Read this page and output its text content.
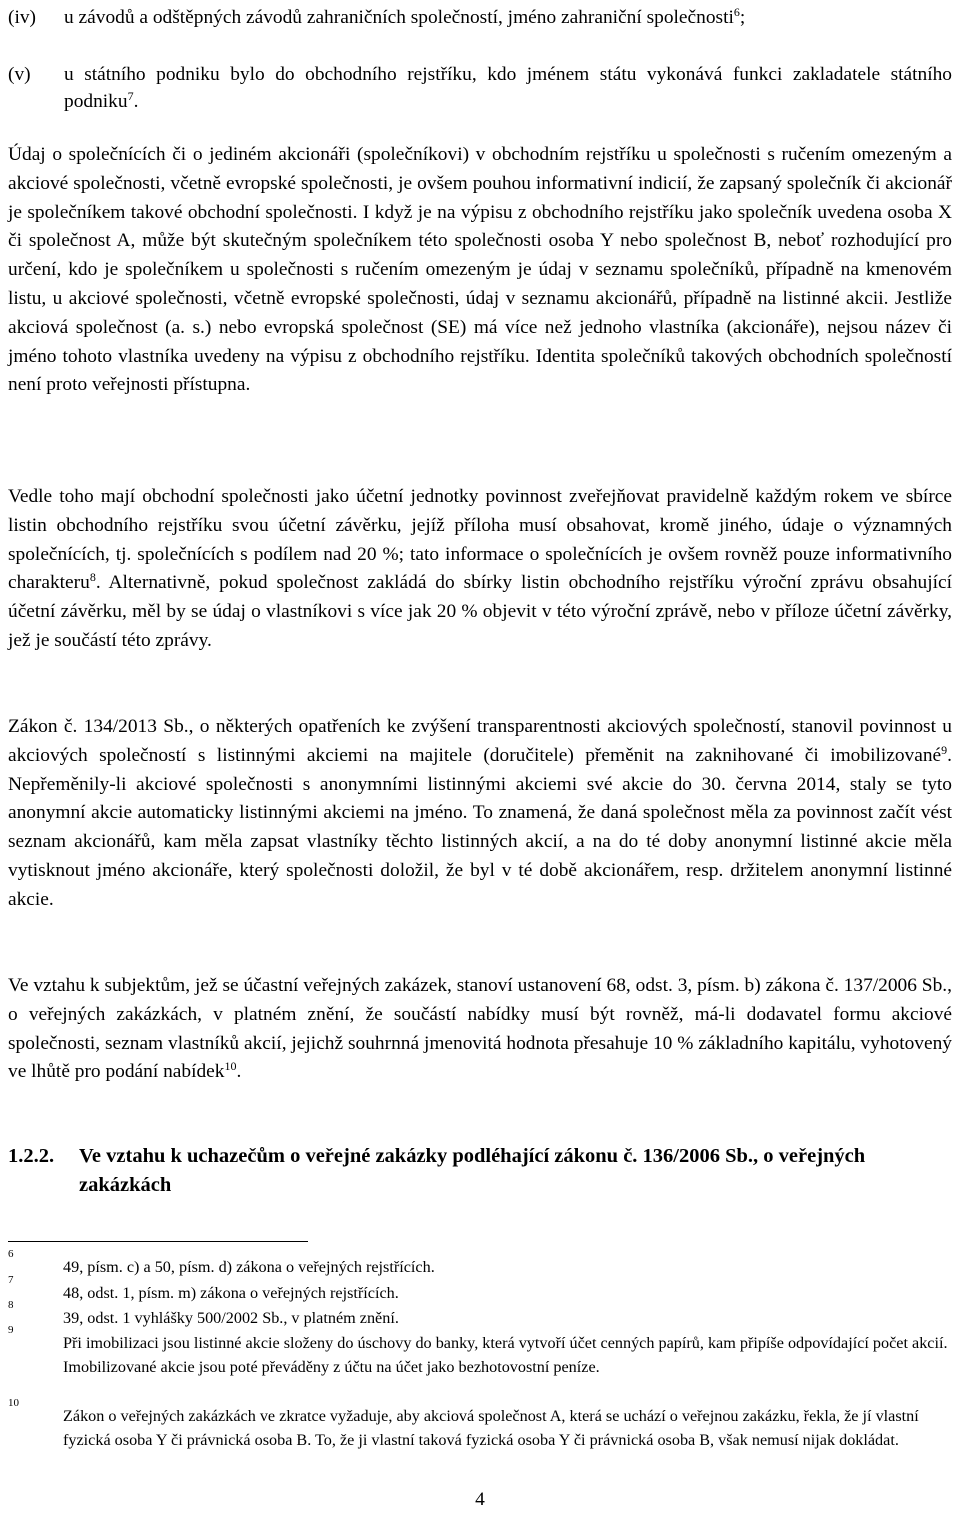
(iv) u závodů a odštěpných závodů zahraničních společností, jméno zahraniční společnosti$^6$;
(v) u státního podniku bylo do obchodního rejstříku, kdo jménem státu vykonává funkci zakladatele státního podniku$^7$.
Údaj o společnících či o jediném akcionáři (společníkovi) v obchodním rejstříku u společnosti s ručením omezeným a akciové společnosti, včetně evropské společnosti, je ovšem pouhou informativní indicií, že zapsaný společník či akcionář je společníkem takové obchodní společnosti. I když je na výpisu z obchodního rejstříku jako společník uvedena osoba X či společnost A, může být skutečným společníkem této společnosti osoba Y nebo společnost B, neboť rozhodující pro určení, kdo je společníkem u společnosti s ručením omezeným je údaj v seznamu společníků, případně na kmenovém listu, u akciové společnosti, včetně evropské společnosti, údaj v seznamu akcionářů, případně na listinné akcii. Jestliže akciová společnost (a. s.) nebo evropská společnost (SE) má více než jednoho vlastníka (akcionáře), nejsou název či jméno tohoto vlastníka uvedeny na výpisu z obchodního rejstříku. Identita společníků takových obchodních společností není proto veřejnosti přístupna.
Vedle toho mají obchodní společnosti jako účetní jednotky povinnost zveřejňovat pravidelně každým rokem ve sbírce listin obchodního rejstříku svou účetní závěrku, jejíž příloha musí obsahovat, kromě jiného, údaje o významných společnících, tj. společnících s podílem nad 20 %; tato informace o společnících je ovšem rovněž pouze informativního charakteru$^8$. Alternativně, pokud společnost zakládá do sbírky listin obchodního rejstříku výroční zprávu obsahující účetní závěrku, měl by se údaj o vlastníkovi s více jak 20 % objevit v této výroční zprávě, nebo v příloze účetní závěrky, jež je součástí této zprávy.
Zákon č. 134/2013 Sb., o některých opatřeních ke zvýšení transparentnosti akciových společností, stanovil povinnost u akciových společností s listinnými akciemi na majitele (doručitele) přeměnit na zaknihované či imobilizované$^9$. Nepřeměnily-li akciové společnosti s anonymními listinnými akciemi své akcie do 30. června 2014, staly se tyto anonymní akcie automaticky listinnými akciemi na jméno. To znamená, že daná společnost měla za povinnost začít vést seznam akcionářů, kam měla zapsat vlastníky těchto listinných akcií, a na do té doby anonymní listinné akcie měla vytisknout jméno akcionáře, který společnosti doložil, že byl v té době akcionářem, resp. držitelem anonymní listinné akcie.
Ve vztahu k subjektům, jež se účastní veřejných zakázek, stanoví ustanovení 68, odst. 3, písm. b) zákona č. 137/2006 Sb., o veřejných zakázkách, v platném znění, že součástí nabídky musí být rovněž, má-li dodavatel formu akciové společnosti, seznam vlastníků akcií, jejichž souhrnná jmenovitá hodnota přesahuje 10 % základního kapitálu, vyhotovený ve lhůtě pro podání nabídek$^{10}$.
1.2.2. Ve vztahu k uchazečům o veřejné zakázky podléhající zákonu č. 136/2006 Sb., o veřejných zakázkách
6
49, písm. c) a 50, písm. d) zákona o veřejných rejstřících.
7
48, odst. 1, písm. m) zákona o veřejných rejstřících.
8
39, odst. 1 vyhlášky 500/2002 Sb., v platném znění.
9
Při imobilizaci jsou listinné akcie složeny do úschovy do banky, která vytvoří účet cenných papírů, kam připíše odpovídající počet akcií. Imobilizované akcie jsou poté převáděny z účtu na účet jako bezhotovostní peníze.
10
Zákon o veřejných zakázkách ve zkratce vyžaduje, aby akciová společnost A, která se uchází o veřejnou zakázku, řekla, že jí vlastní fyzická osoba Y či právnická osoba B. To, že ji vlastní taková fyzická osoba Y či právnická osoba B, však nemusí nijak dokládat.
4
